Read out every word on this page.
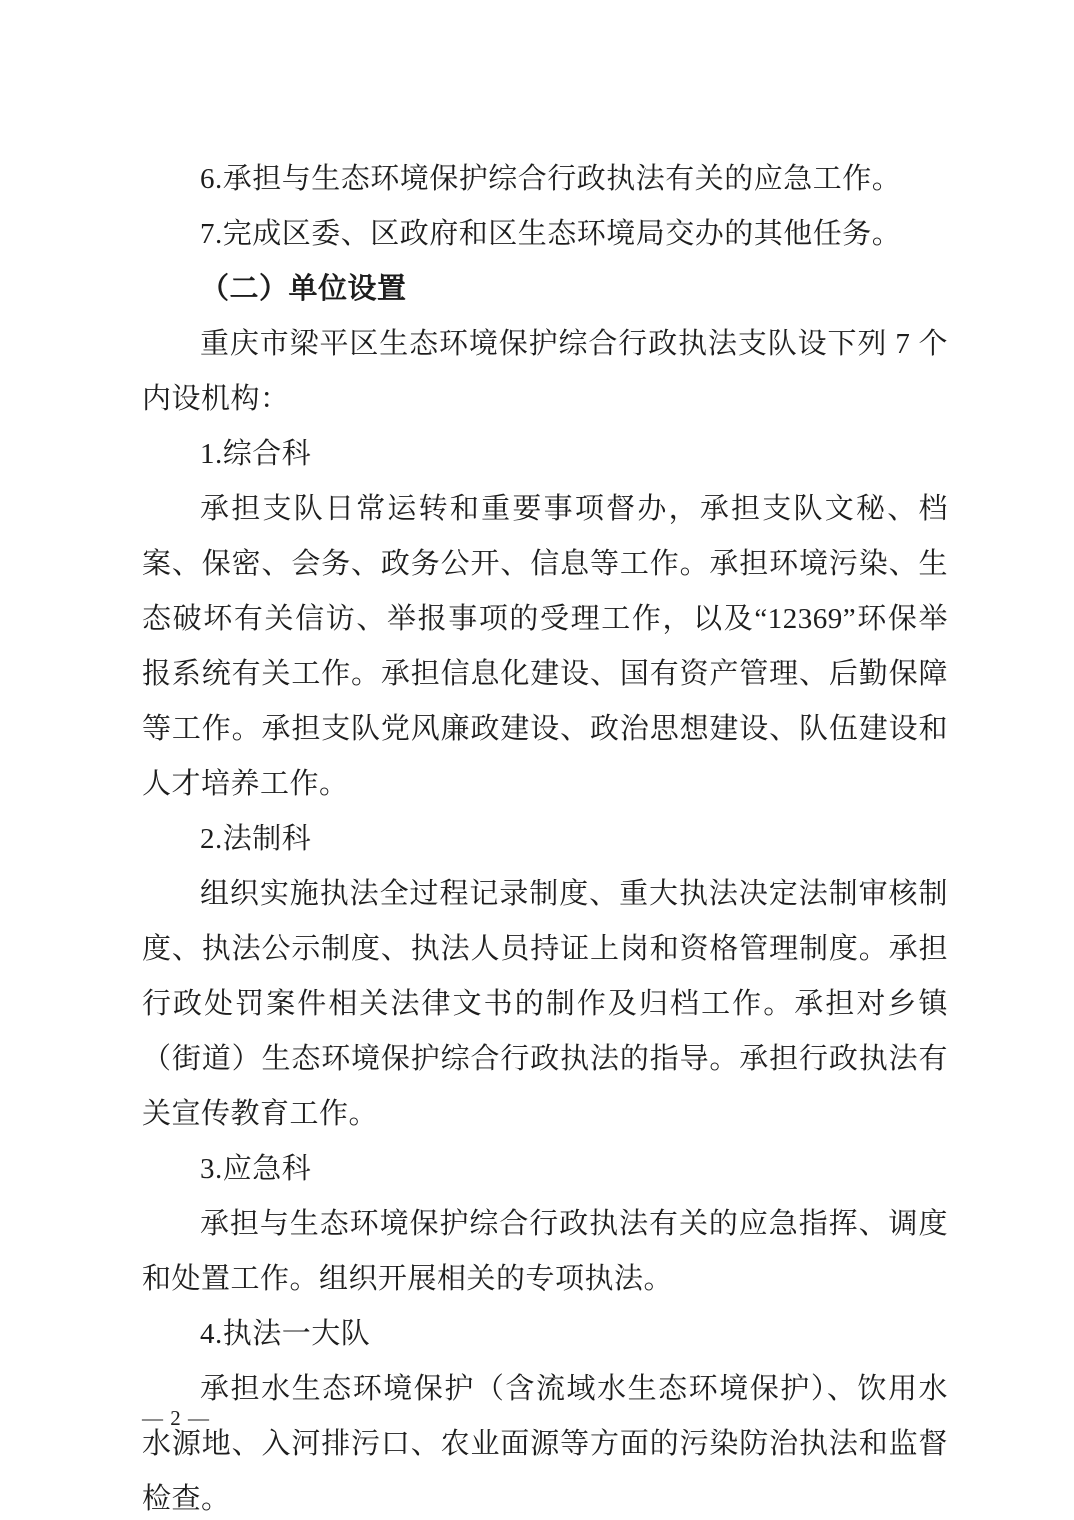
6.承担与生态环境保护综合行政执法有关的应急工作。

7.完成区委、区政府和区生态环境局交办的其他任务。

（二）单位设置

重庆市梁平区生态环境保护综合行政执法支队设下列 7 个内设机构：

1.综合科

承担支队日常运转和重要事项督办，承担支队文秘、档案、保密、会务、政务公开、信息等工作。承担环境污染、生态破坏有关信访、举报事项的受理工作，以及“12369”环保举报系统有关工作。承担信息化建设、国有资产管理、后勤保障等工作。承担支队党风廉政建设、政治思想建设、队伍建设和人才培养工作。

2.法制科

组织实施执法全过程记录制度、重大执法决定法制审核制度、执法公示制度、执法人员持证上岗和资格管理制度。承担行政处罚案件相关法律文书的制作及归档工作。承担对乡镇（街道）生态环境保护综合行政执法的指导。承担行政执法有关宣传教育工作。

3.应急科

承担与生态环境保护综合行政执法有关的应急指挥、调度和处置工作。组织开展相关的专项执法。

4.执法一大队

承担水生态环境保护（含流域水生态环境保护）、饮用水水源地、入河排污口、农业面源等方面的污染防治执法和监督检查。

— 2 —
